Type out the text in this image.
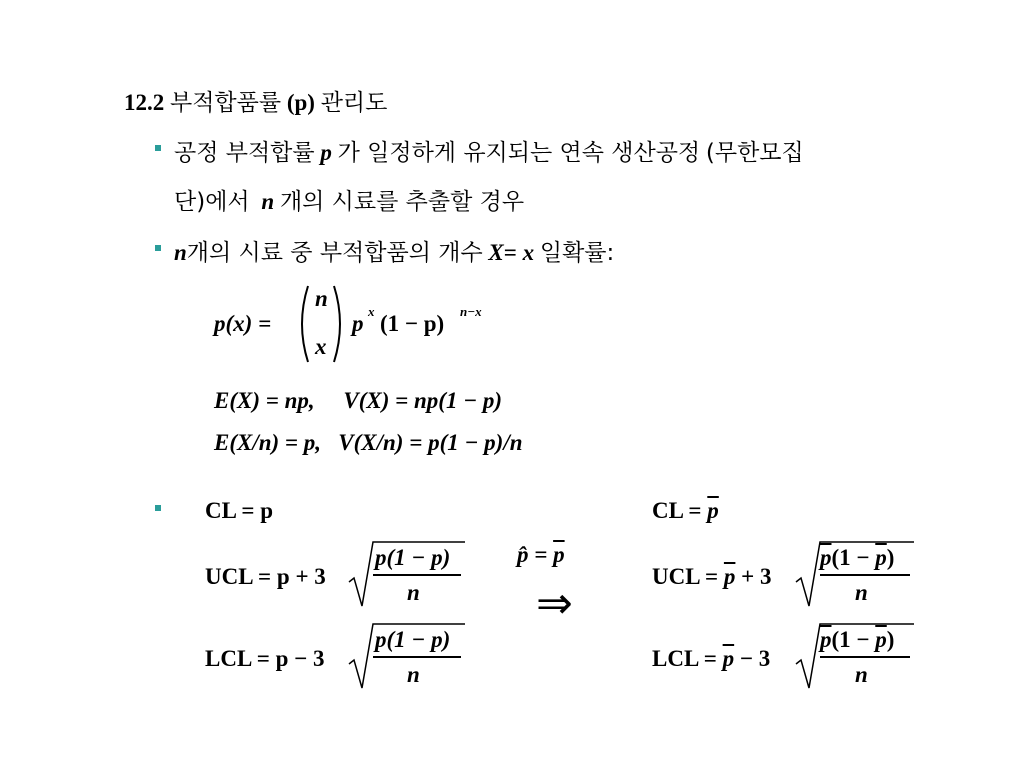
12.2 부적합품률 (p) 관리도
공정 부적합률 p 가 일정하게 유지되는 연속 생산공정 (무한모집
단)에서 n 개의 시료를 추출할 경우
n개의 시료 중 부적합품의 개수 X= x 일확률:
p(x) =
n
x
p x (1 − p) n−x
E(X) = np,     V(X) = np(1 − p)
E(X/n) = p,   V(X/n) = p(1 − p)/n
CL = p
UCL = p + 3
p(1 − p)
n
LCL = p − 3
p(1 − p)
n
p̂ = $\overline{p}$
⇒
CL = $\overline{p}$
UCL = $\overline{p} + 3$
$\overline{p}(1 - \overline{p})$
n
LCL = $\overline{p} - 3$
$\overline{p}(1 - \overline{p})$
n
